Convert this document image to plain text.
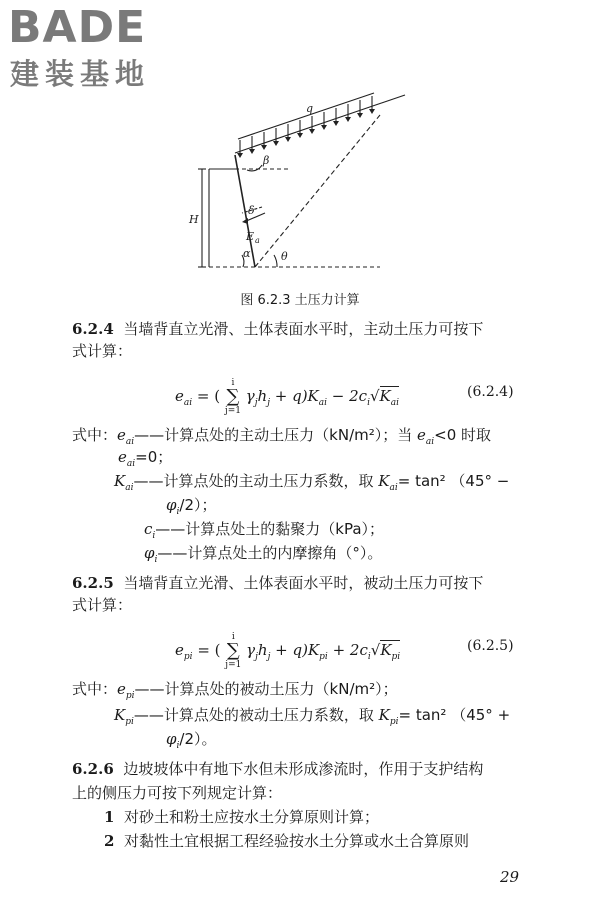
BADE
建装基地
q
β
H
δ
E a
α	θ
图 6.2.3 土压力计算
6.2.4 当墙背直立光滑、土体表面水平时，主动土压力可按下
式计算：
$e_{ai}$ = (
i
∑
j=1
$\gamma_jh_j + q)K_{ai} - 2c_i√K_{ai}$
(6.2.4)
式中：$e_{ai}——$计算点处的主动土压力（kN/m²）；当 $e_{ai}<0$ 时取
$e_{ai}=0$；
$K_{ai}——$计算点处的主动土压力系数，取 $K_{ai}= \tan^2$ （45° −
$\varphi_i/2$）；
$c_i——$计算点处土的黏聚力（kPa）；
$\varphi_i——$计算点处土的内摩擦角（°）。
6.2.5 当墙背直立光滑、土体表面水平时，被动土压力可按下
式计算：
$e_{pi}$ = (
i
∑
j=1
$\gamma_jh_j + q)K_{pi} + 2c_i√K_{pi}$
(6.2.5)
式中：$e_{pi}——$计算点处的被动土压力（kN/m²）；
$K_{pi}——$计算点处的被动土压力系数，取 $K_{pi}= \tan^2$ （45° +
$\varphi_i/2$）。
6.2.6 边坡坡体中有地下水但未形成渗流时，作用于支护结构
上的侧压力可按下列规定计算：
1 对砂土和粉土应按水土分算原则计算；
2 对黏性土宜根据工程经验按水土分算或水土合算原则
29
